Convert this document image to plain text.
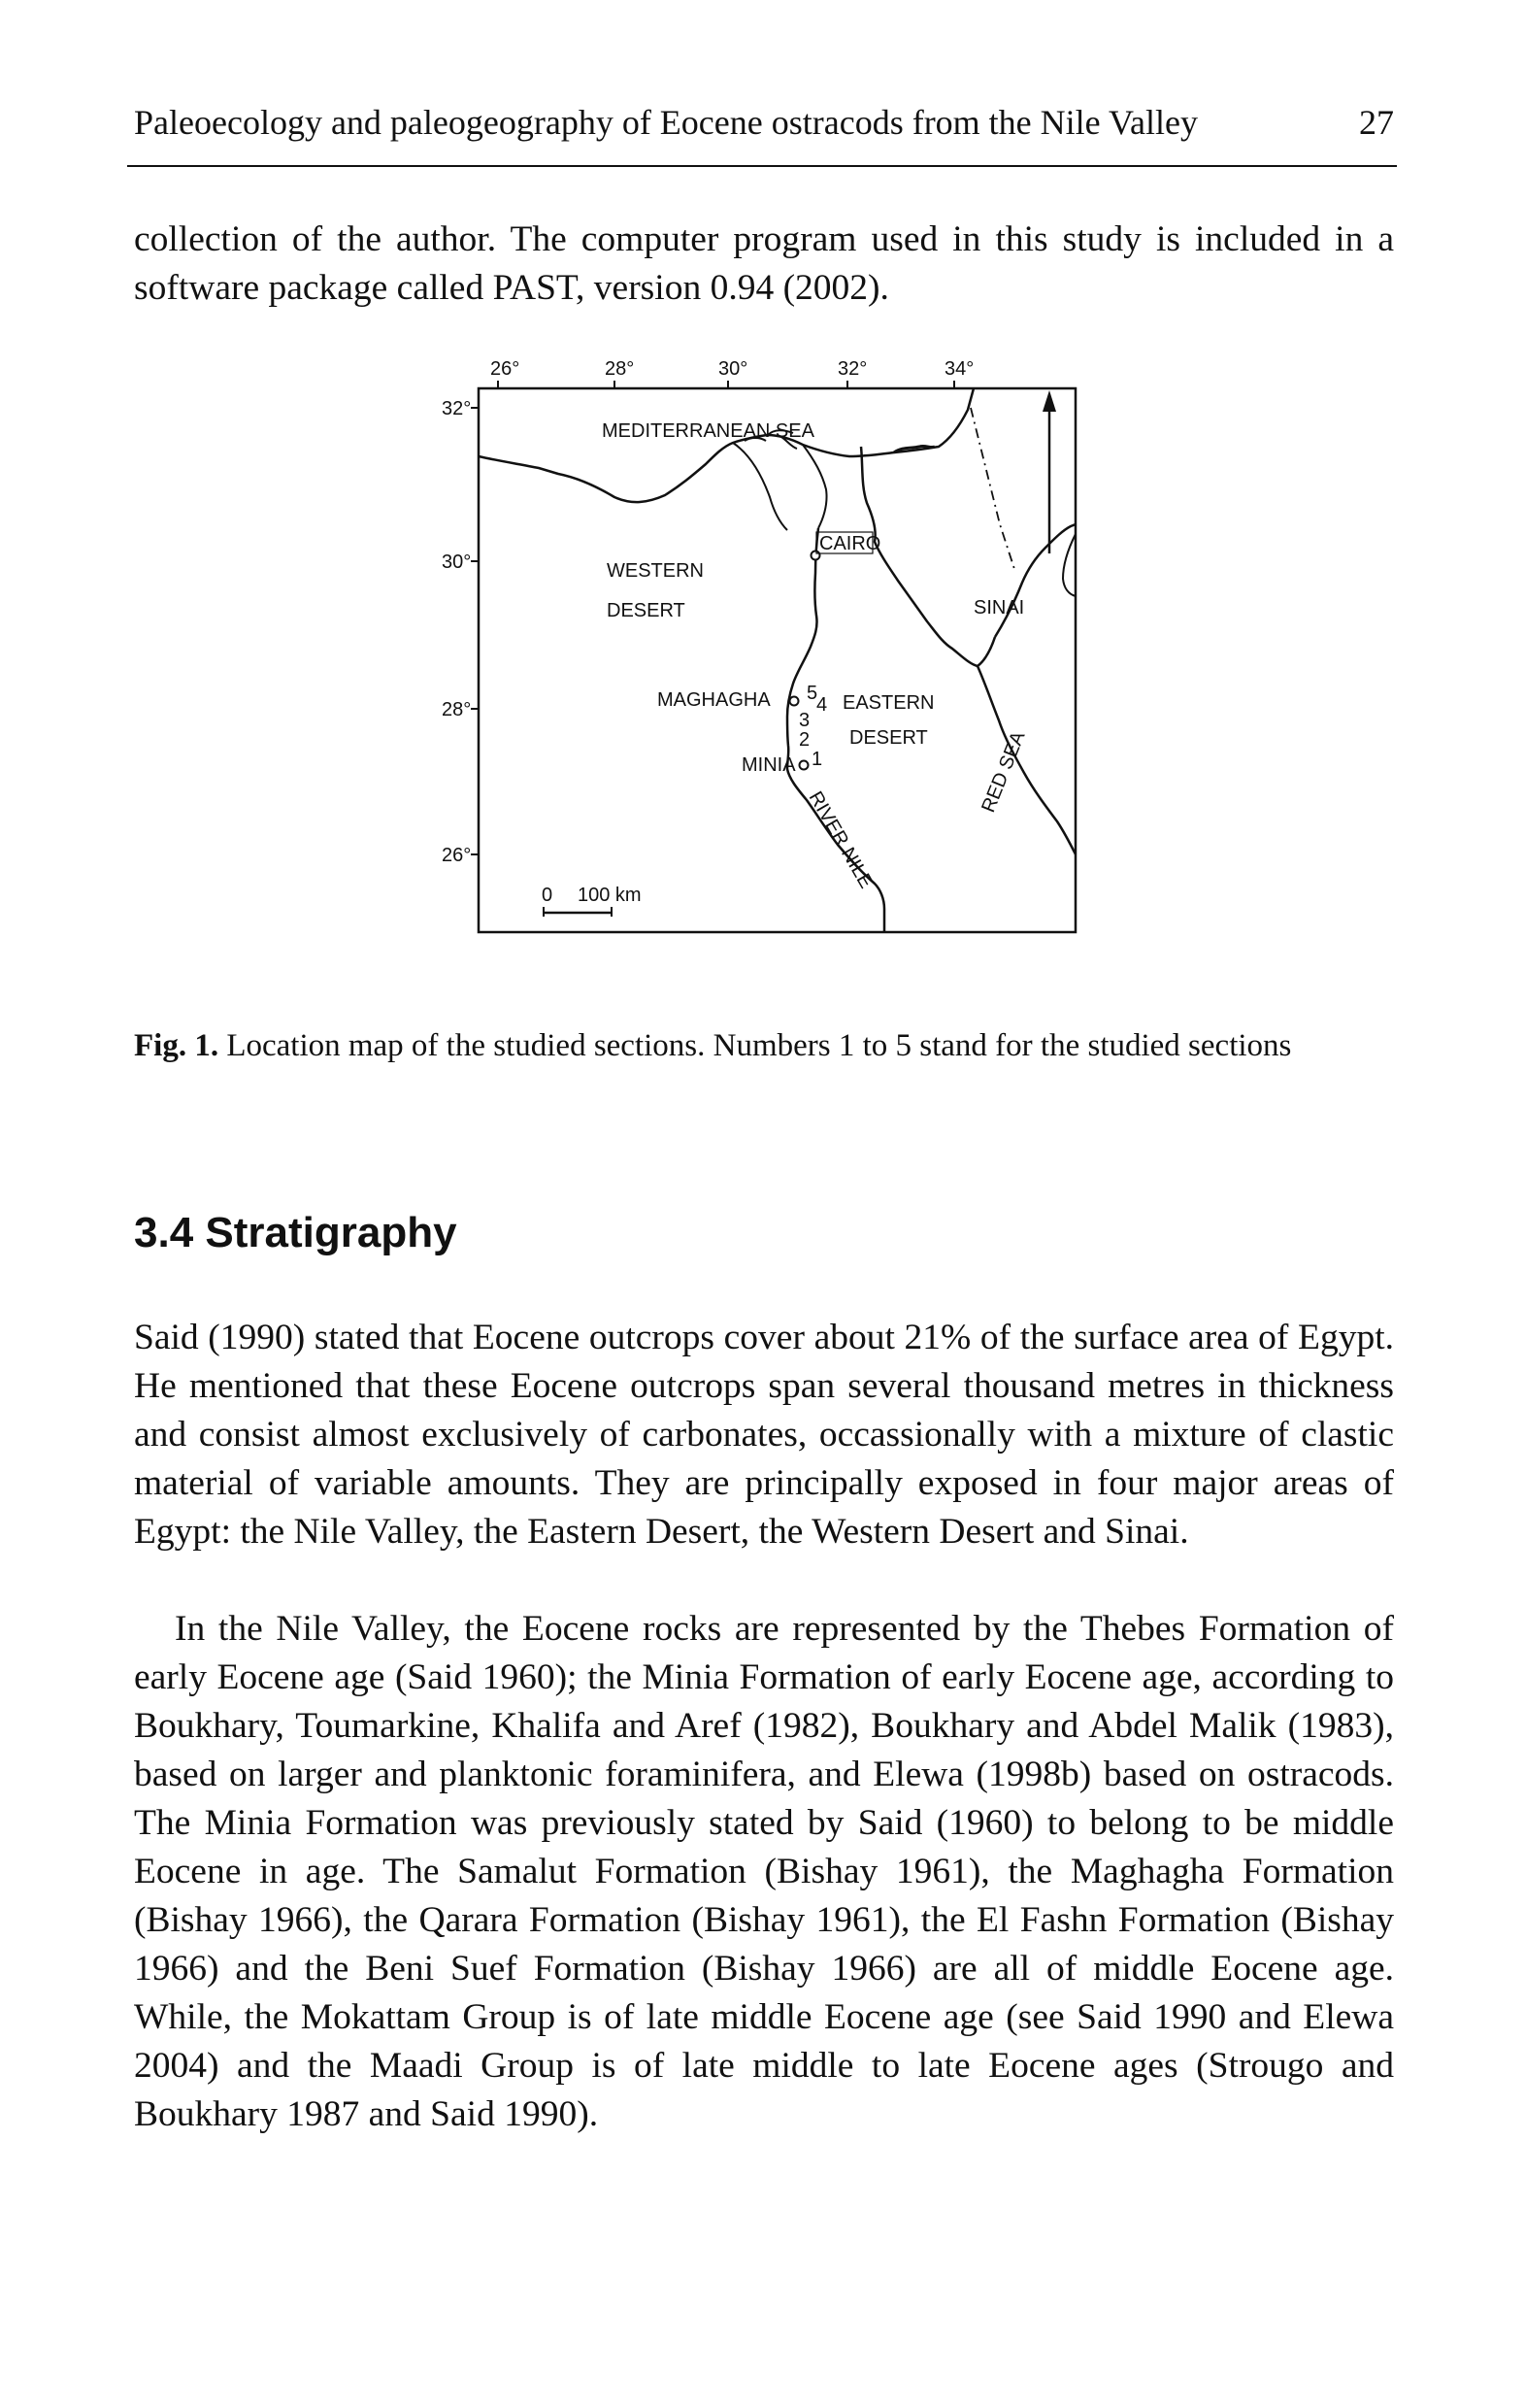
Paleoecology and paleogeography of Eocene ostracods from the Nile Valley	27

collection of the author. The computer program used in this study is included in a software package called PAST, version 0.94 (2002).

26°	28°	30°	32°	34°
32°
30°
28°
26°
MEDITERRANEAN SEA
WESTERN
DESERT
CAIRO
SINAI
MAGHAGHA	EASTERN
DESERT
5
4
3
2
1
MINIA
RIVER NILE
RED SEA
0 100 km

Fig. 1. Location map of the studied sections. Numbers 1 to 5 stand for the studied sections

3.4 Stratigraphy

Said (1990) stated that Eocene outcrops cover about 21% of the surface area of Egypt. He mentioned that these Eocene outcrops span several thousand metres in thickness and consist almost exclusively of carbonates, occassionally with a mixture of clastic material of variable amounts. They are principally exposed in four major areas of Egypt: the Nile Valley, the Eastern Desert, the Western Desert and Sinai.

In the Nile Valley, the Eocene rocks are represented by the Thebes Formation of early Eocene age (Said 1960); the Minia Formation of early Eocene age, according to Boukhary, Toumarkine, Khalifa and Aref (1982), Boukhary and Abdel Malik (1983), based on larger and planktonic foraminifera, and Elewa (1998b) based on ostracods. The Minia Formation was previously stated by Said (1960) to belong to be middle Eocene in age. The Samalut Formation (Bishay 1961), the Maghagha Formation (Bishay 1966), the Qarara Formation (Bishay 1961), the El Fashn Formation (Bishay 1966) and the Beni Suef Formation (Bishay 1966) are all of middle Eocene age. While, the Mokattam Group is of late middle Eocene age (see Said 1990 and Elewa 2004) and the Maadi Group is of late middle to late Eocene ages (Strougo and Boukhary 1987 and Said 1990).
